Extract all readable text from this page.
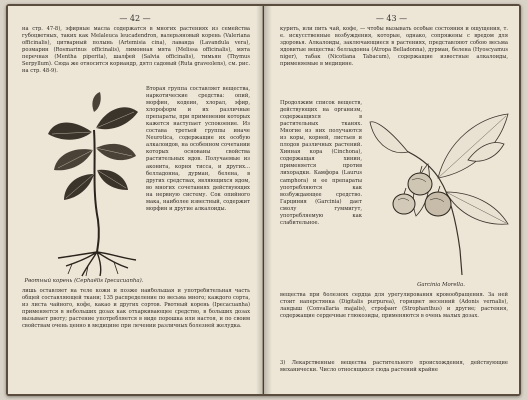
— 42 —
на стр. 47-8), эфирные масла содержатся в многих растениях из семейства губоцветных, таких как Melaleuca leucadendron, валерьяновый корень (Valeriana officinalis), цитварный полынь (Artemisia cina), лаванда (Lavandula vera), розмарин (Rosmarinus officinalis), лимонная мята (Melissa officinalis), мята перечная (Mentha piperita), шалфей (Salvia officinalis), тимьян (Thymus Serpyllum). Сюда же относится кориандр, дятл садовый (Ruta graveolens), см. рис. на стр. 48-9).
Вторая группа составляет вещества, наркотические средства: опий, морфин, кодеин, хлорал, эфир, хлороформ и их различные препараты, при применении которых кажется наступает успокоение. Из состава третьей группы иначе Neurotica, содержащие их особую алкалоидов, на особенном сочетании которых основаны свойства растительных ядов. Получаемые из аконита, корня тисса, и других... белладонна, дурман, белена, в других средствах, являющихся ядом, во многих сочетаниях действующих на нервную систему. Сок опийного мака, наиболее известный, содержит морфин и другие алкалоиды.
Рвотный корень (Cephaëlis Ipecacuanha).
лишь оставляет на теле кожи и позже наибольшая и употребительная часть общей составляющей ткани; 135 распределение по весьма много; каждого сорта, из листа чайного, кофе, какао и других сортов. Рвотный корень (Ipecacuanha) применяется в небольших дозах как отхаркивающее средство, в больших дозах вызывает рвоту; растение употребляется в виде порошка или настоя, и по своим свойствам очень ценно в медицине при лечении различных болезней желудка.
— 43 —
курить, или пить чай, кофе, — чтобы вызывать особые состояния и ощущения, т. е. искусственные возбуждения, которые, однако, сопряжены с вредом для здоровья. Алкалоиды, заключающиеся в растениях, представляют собою весьма ядовитые вещества: белладонна (Atropa Belladonna), дурман, белена (Hyoscyamus niger), табак (Nicotiana Tabacum), содержащие известные алкалоиды, применяемые в медицине.
Продолжим список веществ, действующих на организм, содержащихся в растительных тканях. Многие из них получаются из коры, корней, листьев и плодов различных растений. Хинная кора (Cinchona), содержащая хинин, применяется против лихорадки. Камфора (Laurus camphora) и ее препараты употребляются как возбуждающее средство. Гарциния (Garcinia) дает смолу гуммигут, употребляемую как слабительное.
Garcinia Morella.
вещества при болезнях сердца для урегулирования кровообращения. За ней стоит наперстянка (Digitalis purpurea), горицвет весенний (Adonis vernalis), ландыш (Convallaria majalis), строфант (Strophanthus) и другие; растения, содержащие сердечные глюкозиды, применяются в очень малых дозах.
3) Лекарственные вещества растительного происхождения, действующие механически. Число относящихся сюда растений крайне
